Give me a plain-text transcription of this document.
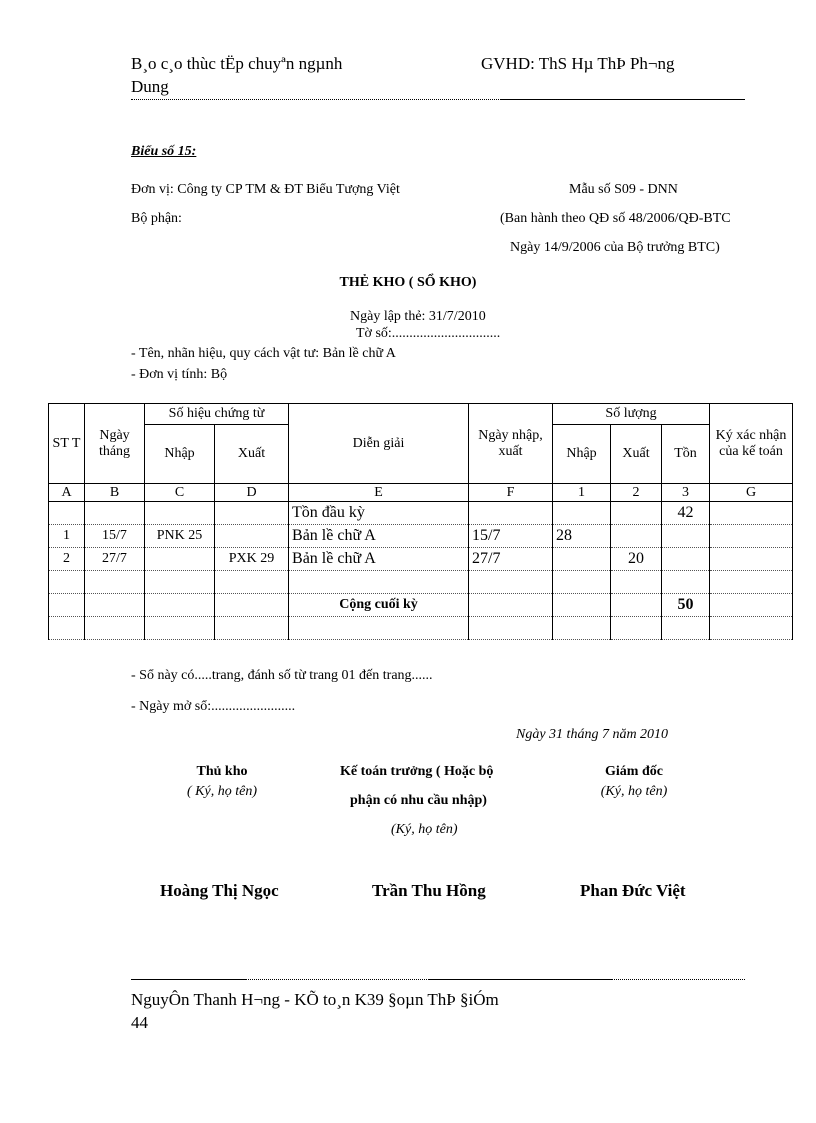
B¸o c¸o thùc tËp chuyªn ngµnh	GVHD: ThS Hµ ThÞ Ph¬ng
Dung
Biểu số 15:
Đơn vị: Công ty CP TM & ĐT Biểu Tượng Việt
Bộ phận:
Mẫu số S09 - DNN
(Ban hành theo QĐ số 48/2006/QĐ-BTC
Ngày 14/9/2006 của Bộ trưởng BTC)
THẺ KHO ( SỔ KHO)
Ngày lập thẻ: 31/7/2010
Tờ số:...............................
- Tên, nhãn hiệu, quy cách vật tư: Bản lề chữ A
- Đơn vị tính: Bộ
ST T	Ngày tháng	Số hiệu chứng từ		Diễn giải	Ngày nhập, xuất	Số lượng			Ký xác nhận của kế toán
		Nhập	Xuất			Nhập	Xuất	Tồn	
A	B	C	D	E	F	1	2	3	G
				Tồn đầu kỳ				42	
1	15/7	PNK 25		Bản lề chữ A	15/7	28			
2	27/7		PXK 29	Bản lề chữ A	27/7		20		

				Cộng cuối kỳ				50	

- Sổ này có.....trang, đánh số từ trang 01 đến trang......
- Ngày mở sổ:........................
Ngày 31 tháng 7 năm 2010
Thủ kho
( Ký, họ tên)
Kế toán trưởng ( Hoặc bộ
phận có nhu cầu nhập)
(Ký, họ tên)
Giám đốc
(Ký, họ tên)
Hoàng Thị Ngọc	Trần Thu Hồng	Phan Đức Việt
NguyÔn Thanh H¬ng - KÕ to¸n K39 §oµn ThÞ §iÓm
44
